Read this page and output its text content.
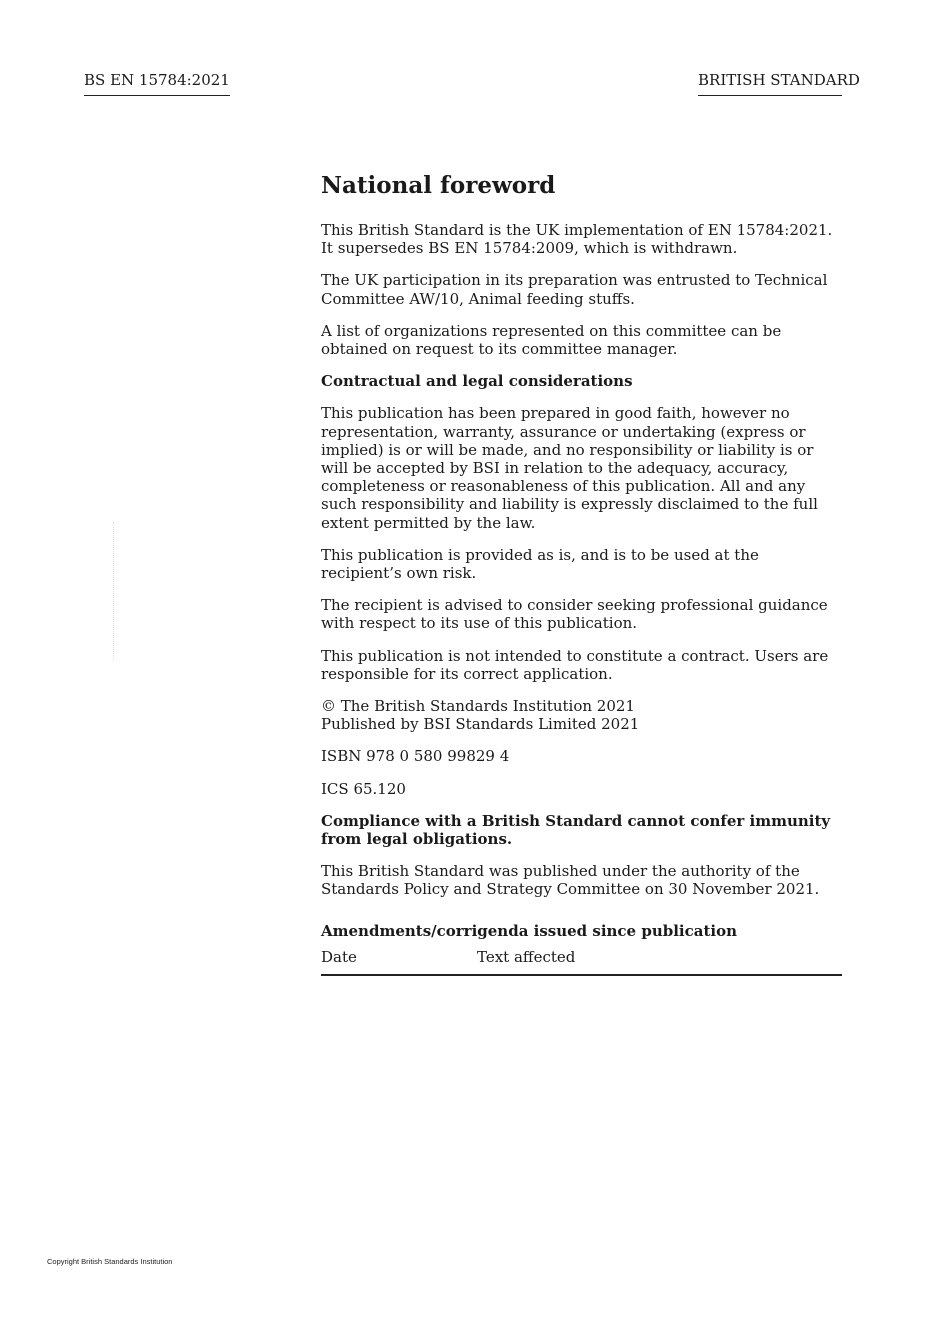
BS EN 15784:2021	BRITISH STANDARD
National foreword

This British Standard is the UK implementation of EN 15784:2021. It supersedes BS EN 15784:2009, which is withdrawn.

The UK participation in its preparation was entrusted to Technical Committee AW/10, Animal feeding stuffs.

A list of organizations represented on this committee can be obtained on request to its committee manager.

Contractual and legal considerations

This publication has been prepared in good faith, however no representation, warranty, assurance or undertaking (express or implied) is or will be made, and no responsibility or liability is or will be accepted by BSI in relation to the adequacy, accuracy, completeness or reasonableness of this publication. All and any such responsibility and liability is expressly disclaimed to the full extent permitted by the law.

This publication is provided as is, and is to be used at the recipient’s own risk.

The recipient is advised to consider seeking professional guidance with respect to its use of this publication.

This publication is not intended to constitute a contract. Users are responsible for its correct application.

© The British Standards Institution 2021
Published by BSI Standards Limited 2021

ISBN 978 0 580 99829 4

ICS 65.120

Compliance with a British Standard cannot confer immunity from legal obligations.

This British Standard was published under the authority of the Standards Policy and Strategy Committee on 30 November 2021.

Amendments/corrigenda issued since publication

Date	Text affected
Copyright British Standards Institution
